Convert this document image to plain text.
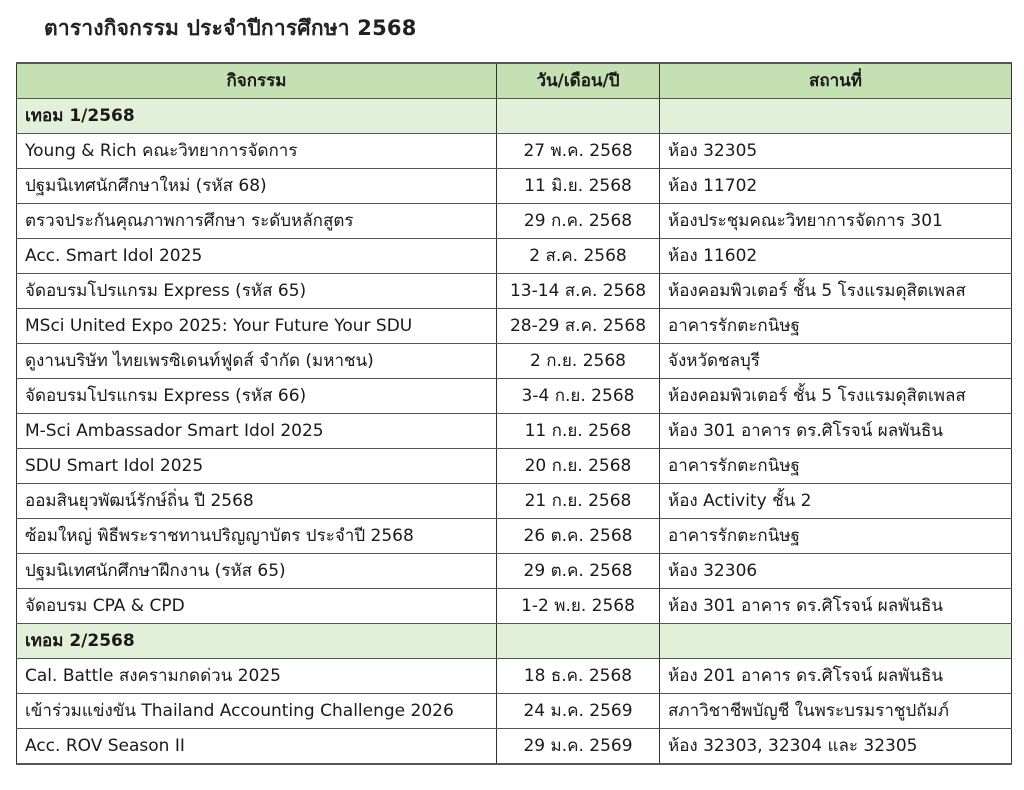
ตารางกิจกรรม ประจำปีการศึกษา 2568
กิจกรรม	วัน/เดือน/ปี	สถานที่
เทอม 1/2568		
Young & Rich คณะวิทยาการจัดการ	27 พ.ค. 2568	ห้อง 32305
ปฐมนิเทศนักศึกษาใหม่ (รหัส 68)	11 มิ.ย. 2568	ห้อง 11702
ตรวจประกันคุณภาพการศึกษา ระดับหลักสูตร	29 ก.ค. 2568	ห้องประชุมคณะวิทยาการจัดการ 301
Acc. Smart Idol 2025	2 ส.ค. 2568	ห้อง 11602
จัดอบรมโปรแกรม Express (รหัส 65)	13-14 ส.ค. 2568	ห้องคอมพิวเตอร์ ชั้น 5 โรงแรมดุสิตเพลส
MSci United Expo 2025: Your Future Your SDU	28-29 ส.ค. 2568	อาคารรักตะกนิษฐ
ดูงานบริษัท ไทยเพรซิเดนท์ฟูดส์ จำกัด (มหาชน)	2 ก.ย. 2568	จังหวัดชลบุรี
จัดอบรมโปรแกรม Express (รหัส 66)	3-4 ก.ย. 2568	ห้องคอมพิวเตอร์ ชั้น 5 โรงแรมดุสิตเพลส
M-Sci Ambassador Smart Idol 2025	11 ก.ย. 2568	ห้อง 301 อาคาร ดร.ศิโรจน์ ผลพันธิน
SDU Smart Idol 2025	20 ก.ย. 2568	อาคารรักตะกนิษฐ
ออมสินยุวพัฒน์รักษ์ถิ่น ปี 2568	21 ก.ย. 2568	ห้อง Activity ชั้น 2
ซ้อมใหญ่ พิธีพระราชทานปริญญาบัตร ประจำปี 2568	26 ต.ค. 2568	อาคารรักตะกนิษฐ
ปฐมนิเทศนักศึกษาฝึกงาน (รหัส 65)	29 ต.ค. 2568	ห้อง 32306
จัดอบรม CPA & CPD	1-2 พ.ย. 2568	ห้อง 301 อาคาร ดร.ศิโรจน์ ผลพันธิน
เทอม 2/2568		
Cal. Battle สงครามกดด่วน 2025	18 ธ.ค. 2568	ห้อง 201 อาคาร ดร.ศิโรจน์ ผลพันธิน
เข้าร่วมแข่งขัน Thailand Accounting Challenge 2026	24 ม.ค. 2569	สภาวิชาชีพบัญชี ในพระบรมราชูปถัมภ์
Acc. ROV Season II	29 ม.ค. 2569	ห้อง 32303, 32304 และ 32305
